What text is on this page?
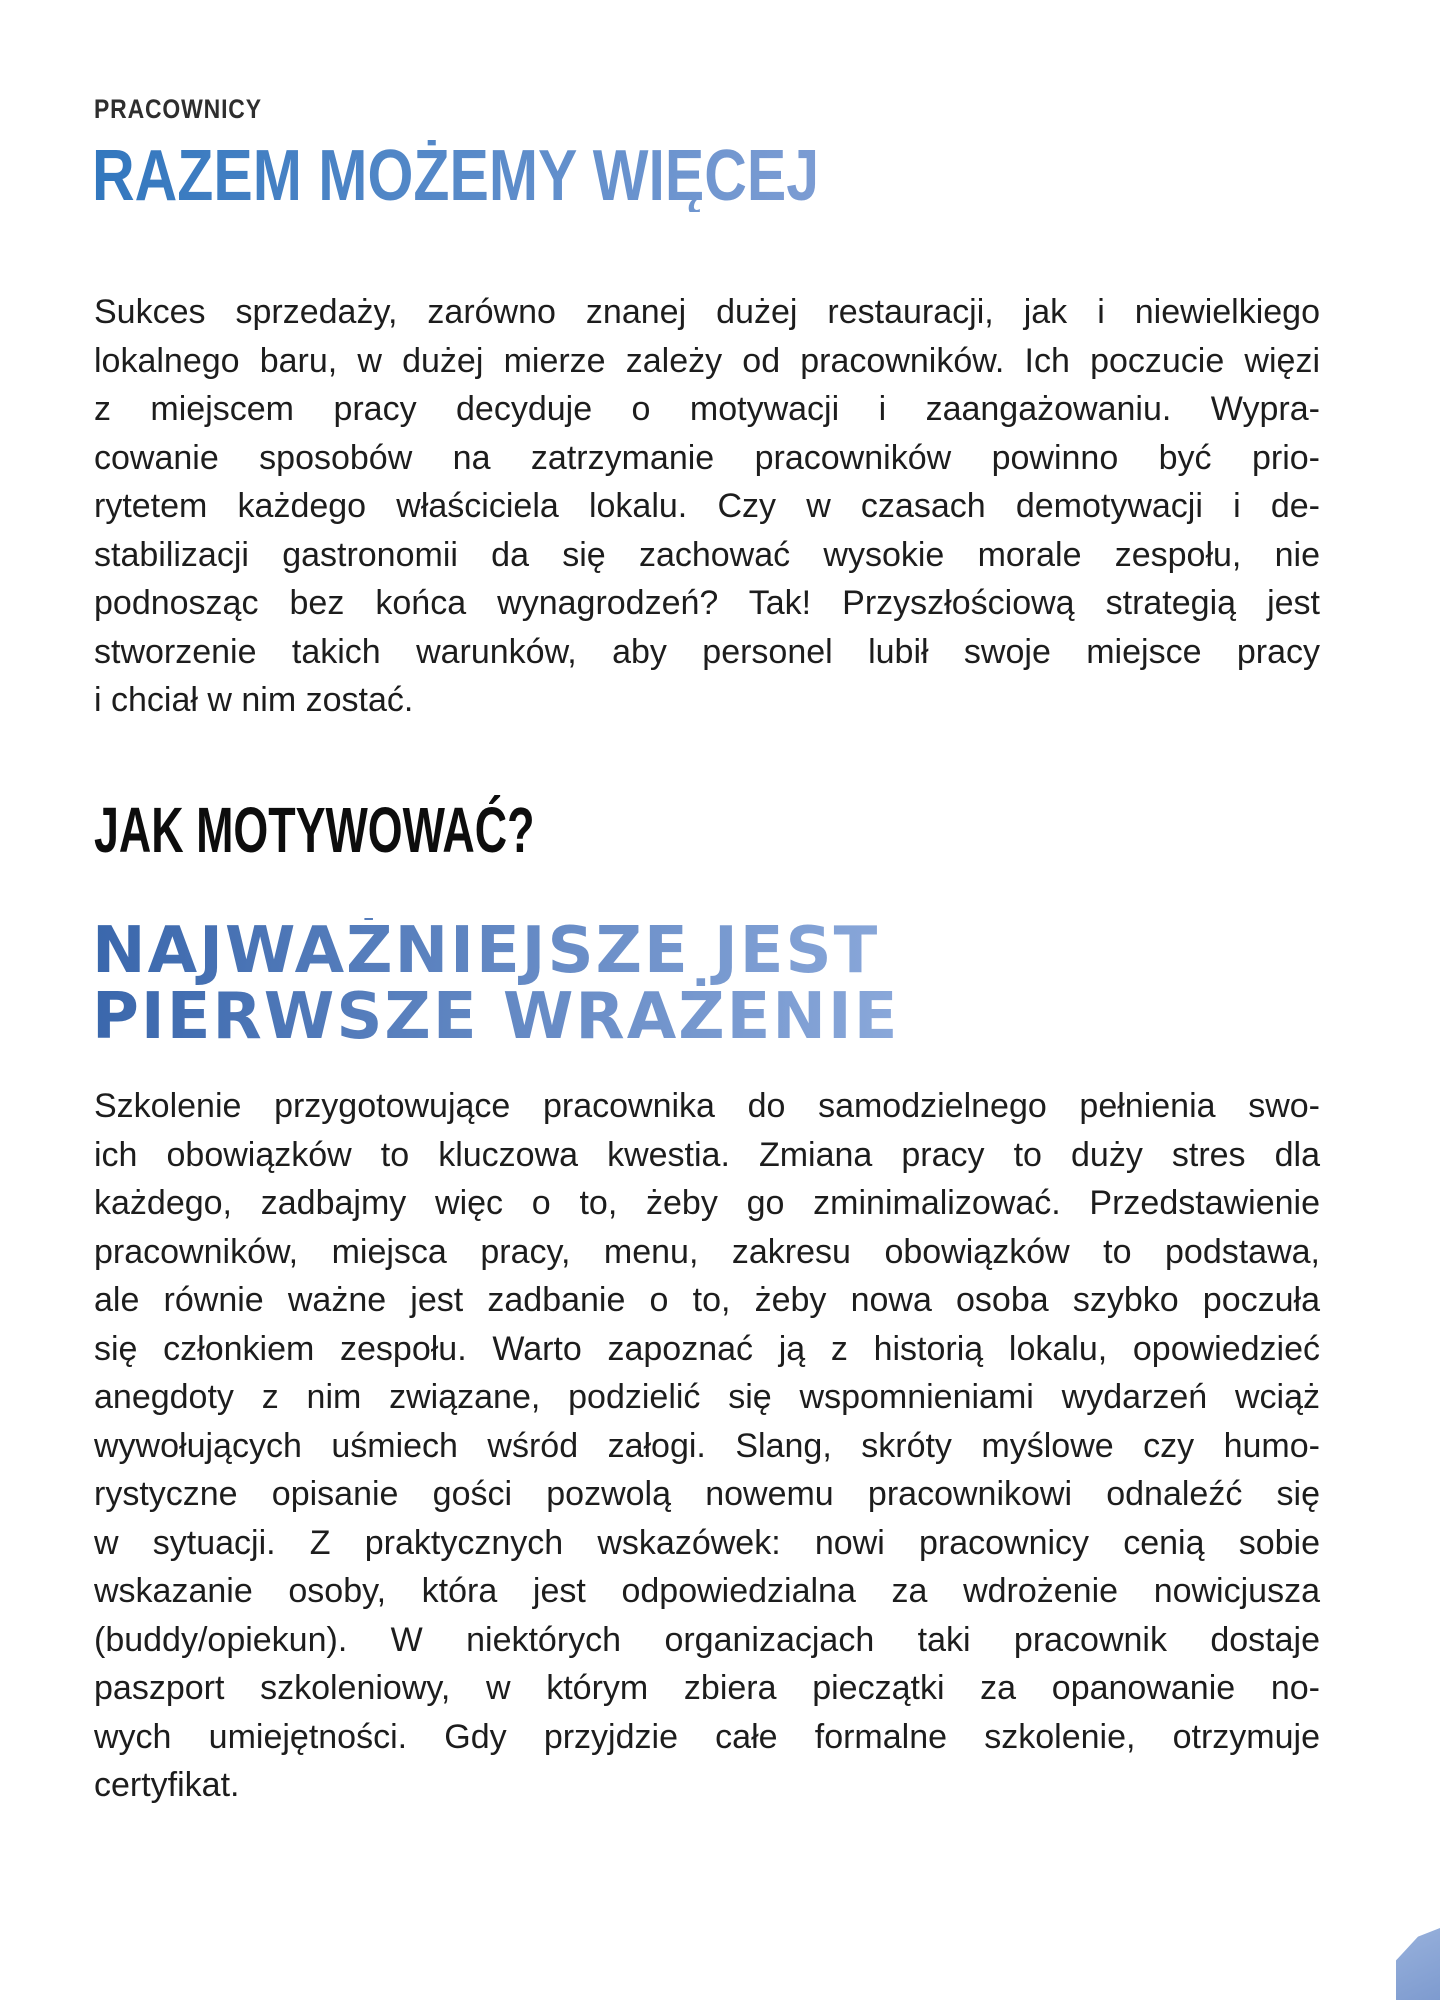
PRACOWNICY
RAZEM MOŻEMY WIĘCEJ
Sukces sprzedaży, zarówno znanej dużej restauracji, jak i niewielkiego
lokalnego baru, w dużej mierze zależy od pracowników. Ich poczucie więzi
z miejscem pracy decyduje o motywacji i zaangażowaniu. Wypra-
cowanie sposobów na zatrzymanie pracowników powinno być prio-
rytetem każdego właściciela lokalu. Czy w czasach demotywacji i de-
stabilizacji gastronomii da się zachować wysokie morale zespołu, nie
podnosząc bez końca wynagrodzeń? Tak! Przyszłościową strategią jest
stworzenie takich warunków, aby personel lubił swoje miejsce pracy
i chciał w nim zostać.
JAK MOTYWOWAĆ?
NAJWAŻNIEJSZE JEST
PIERWSZE WRAŻENIE
Szkolenie przygotowujące pracownika do samodzielnego pełnienia swo-
ich obowiązków to kluczowa kwestia. Zmiana pracy to duży stres dla
każdego, zadbajmy więc o to, żeby go zminimalizować. Przedstawienie
pracowników, miejsca pracy, menu, zakresu obowiązków to podstawa,
ale równie ważne jest zadbanie o to, żeby nowa osoba szybko poczuła
się członkiem zespołu. Warto zapoznać ją z historią lokalu, opowiedzieć
anegdoty z nim związane, podzielić się wspomnieniami wydarzeń wciąż
wywołujących uśmiech wśród załogi. Slang, skróty myślowe czy humo-
rystyczne opisanie gości pozwolą nowemu pracownikowi odnaleźć się
w sytuacji. Z praktycznych wskazówek: nowi pracownicy cenią sobie
wskazanie osoby, która jest odpowiedzialna za wdrożenie nowicjusza
(buddy/opiekun). W niektórych organizacjach taki pracownik dostaje
paszport szkoleniowy, w którym zbiera pieczątki za opanowanie no-
wych umiejętności. Gdy przyjdzie całe formalne szkolenie, otrzymuje
certyfikat.
